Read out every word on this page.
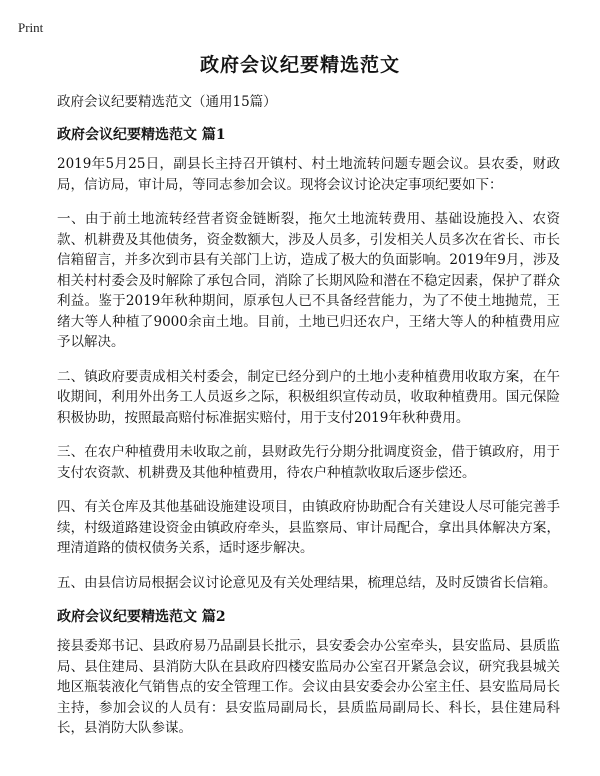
Print
政府会议纪要精选范文
政府会议纪要精选范文（通用15篇）
政府会议纪要精选范文 篇1
2019年5月25日，副县长主持召开镇村、村土地流转问题专题会议。县农委，财政局，信访局，审计局，等同志参加会议。现将会议讨论决定事项纪要如下：
一、由于前土地流转经营者资金链断裂，拖欠土地流转费用、基础设施投入、农资款、机耕费及其他债务，资金数额大，涉及人员多，引发相关人员多次在省长、市长信箱留言，并多次到市县有关部门上访，造成了极大的负面影响。2019年9月，涉及相关村村委会及时解除了承包合同，消除了长期风险和潜在不稳定因素，保护了群众利益。鉴于2019年秋种期间，原承包人已不具备经营能力，为了不使土地抛荒，王绪大等人种植了9000余亩土地。目前，土地已归还农户，王绪大等人的种植费用应予以解决。
二、镇政府要责成相关村委会，制定已经分到户的土地小麦种植费用收取方案，在午收期间，利用外出务工人员返乡之际，积极组织宣传动员，收取种植费用。国元保险积极协助，按照最高赔付标准据实赔付，用于支付2019年秋种费用。
三、在农户种植费用未收取之前，县财政先行分期分批调度资金，借于镇政府，用于支付农资款、机耕费及其他种植费用，待农户种植款收取后逐步偿还。
四、有关仓库及其他基础设施建设项目，由镇政府协助配合有关建设人尽可能完善手续，村级道路建设资金由镇政府牵头，县监察局、审计局配合，拿出具体解决方案，理清道路的债权债务关系，适时逐步解决。
五、由县信访局根据会议讨论意见及有关处理结果，梳理总结，及时反馈省长信箱。
政府会议纪要精选范文 篇2
接县委郑书记、县政府易乃品副县长批示，县安委会办公室牵头，县安监局、县质监局、县住建局、县消防大队在县政府四楼安监局办公室召开紧急会议，研究我县城关地区瓶装液化气销售点的安全管理工作。会议由县安委会办公室主任、县安监局局长主持，参加会议的人员有：县安监局副局长，县质监局副局长、科长，县住建局科长，县消防大队参谋。
